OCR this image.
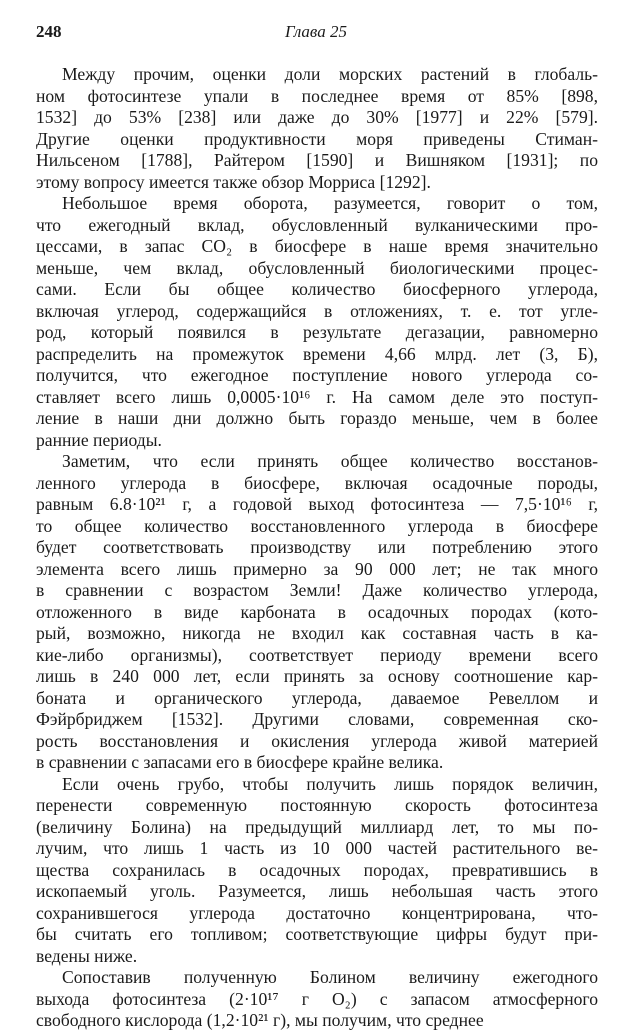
248	Глава 25
Между прочим, оценки доли морских растений в глобаль-
ном фотосинтезе упали в последнее время от 85% [898,
1532] до 53% [238] или даже до 30% [1977] и 22% [579].
Другие оценки продуктивности моря приведены Стиман-
Нильсеном [1788], Райтером [1590] и Вишняком [1931]; по
этому вопросу имеется также обзор Морриса [1292].
Небольшое время оборота, разумеется, говорит о том,
что ежегодный вклад, обусловленный вулканическими про-
цессами, в запас CO₂ в биосфере в наше время значительно
меньше, чем вклад, обусловленный биологическими процес-
сами. Если бы общее количество биосферного углерода,
включая углерод, содержащийся в отложениях, т. е. тот угле-
род, который появился в результате дегазации, равномерно
распределить на промежуток времени 4,66 млрд. лет (3, Б),
получится, что ежегодное поступление нового углерода со-
ставляет всего лишь 0,0005·10¹⁶ г. На самом деле это поступ-
ление в наши дни должно быть гораздо меньше, чем в более
ранние периоды.
Заметим, что если принять общее количество восстанов-
ленного углерода в биосфере, включая осадочные породы,
равным 6.8·10²¹ г, а годовой выход фотосинтеза — 7,5·10¹⁶ г,
то общее количество восстановленного углерода в биосфере
будет соответствовать производству или потреблению этого
элемента всего лишь примерно за 90 000 лет; не так много
в сравнении с возрастом Земли! Даже количество углерода,
отложенного в виде карбоната в осадочных породах (кото-
рый, возможно, никогда не входил как составная часть в ка-
кие-либо организмы), соответствует периоду времени всего
лишь в 240 000 лет, если принять за основу соотношение кар-
боната и органического углерода, даваемое Ревеллом и
Фэйрбриджем [1532]. Другими словами, современная ско-
рость восстановления и окисления углерода живой материей
в сравнении с запасами его в биосфере крайне велика.
Если очень грубо, чтобы получить лишь порядок величин,
перенести современную постоянную скорость фотосинтеза
(величину Болина) на предыдущий миллиард лет, то мы по-
лучим, что лишь 1 часть из 10 000 частей растительного ве-
щества сохранилась в осадочных породах, превратившись в
ископаемый уголь. Разумеется, лишь небольшая часть этого
сохранившегося углерода достаточно концентрирована, что-
бы считать его топливом; соответствующие цифры будут при-
ведены ниже.
Сопоставив полученную Болином величину ежегодного
выхода фотосинтеза (2·10¹⁷ г O₂) с запасом атмосферного
свободного кислорода (1,2·10²¹ г), мы получим, что среднее
